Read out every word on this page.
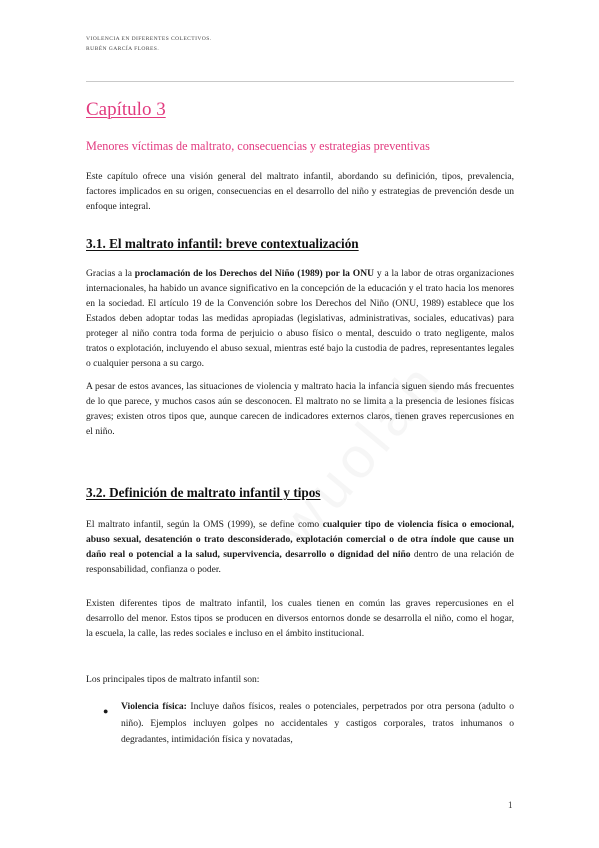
VIOLENCIA EN DIFERENTES COLECTIVOS.
RUBÉN GARCÍA FLORES.
Capítulo 3
Menores víctimas de maltrato, consecuencias y estrategias preventivas

Este capítulo ofrece una visión general del maltrato infantil, abordando su definición, tipos, prevalencia, factores implicados en su origen, consecuencias en el desarrollo del niño y estrategias de prevención desde un enfoque integral.

3.1. El maltrato infantil: breve contextualización

Gracias a la proclamación de los Derechos del Niño (1989) por la ONU y a la labor de otras organizaciones internacionales, ha habido un avance significativo en la concepción de la educación y el trato hacia los menores en la sociedad. El artículo 19 de la Convención sobre los Derechos del Niño (ONU, 1989) establece que los Estados deben adoptar todas las medidas apropiadas (legislativas, administrativas, sociales, educativas) para proteger al niño contra toda forma de perjuicio o abuso físico o mental, descuido o trato negligente, malos tratos o explotación, incluyendo el abuso sexual, mientras esté bajo la custodia de padres, representantes legales o cualquier persona a su cargo.

A pesar de estos avances, las situaciones de violencia y maltrato hacia la infancia siguen siendo más frecuentes de lo que parece, y muchos casos aún se desconocen. El maltrato no se limita a la presencia de lesiones físicas graves; existen otros tipos que, aunque carecen de indicadores externos claros, tienen graves repercusiones en el niño.

3.2. Definición de maltrato infantil y tipos

El maltrato infantil, según la OMS (1999), se define como cualquier tipo de violencia física o emocional, abuso sexual, desatención o trato desconsiderado, explotación comercial o de otra índole que cause un daño real o potencial a la salud, supervivencia, desarrollo o dignidad del niño dentro de una relación de responsabilidad, confianza o poder.

Existen diferentes tipos de maltrato infantil, los cuales tienen en común las graves repercusiones en el desarrollo del menor. Estos tipos se producen en diversos entornos donde se desarrolla el niño, como el hogar, la escuela, la calle, las redes sociales e incluso en el ámbito institucional.

Los principales tipos de maltrato infantil son:

● Violencia física: Incluye daños físicos, reales o potenciales, perpetrados por otra persona (adulto o niño). Ejemplos incluyen golpes no accidentales y castigos corporales, tratos inhumanos o degradantes, intimidación física y novatadas,

1
